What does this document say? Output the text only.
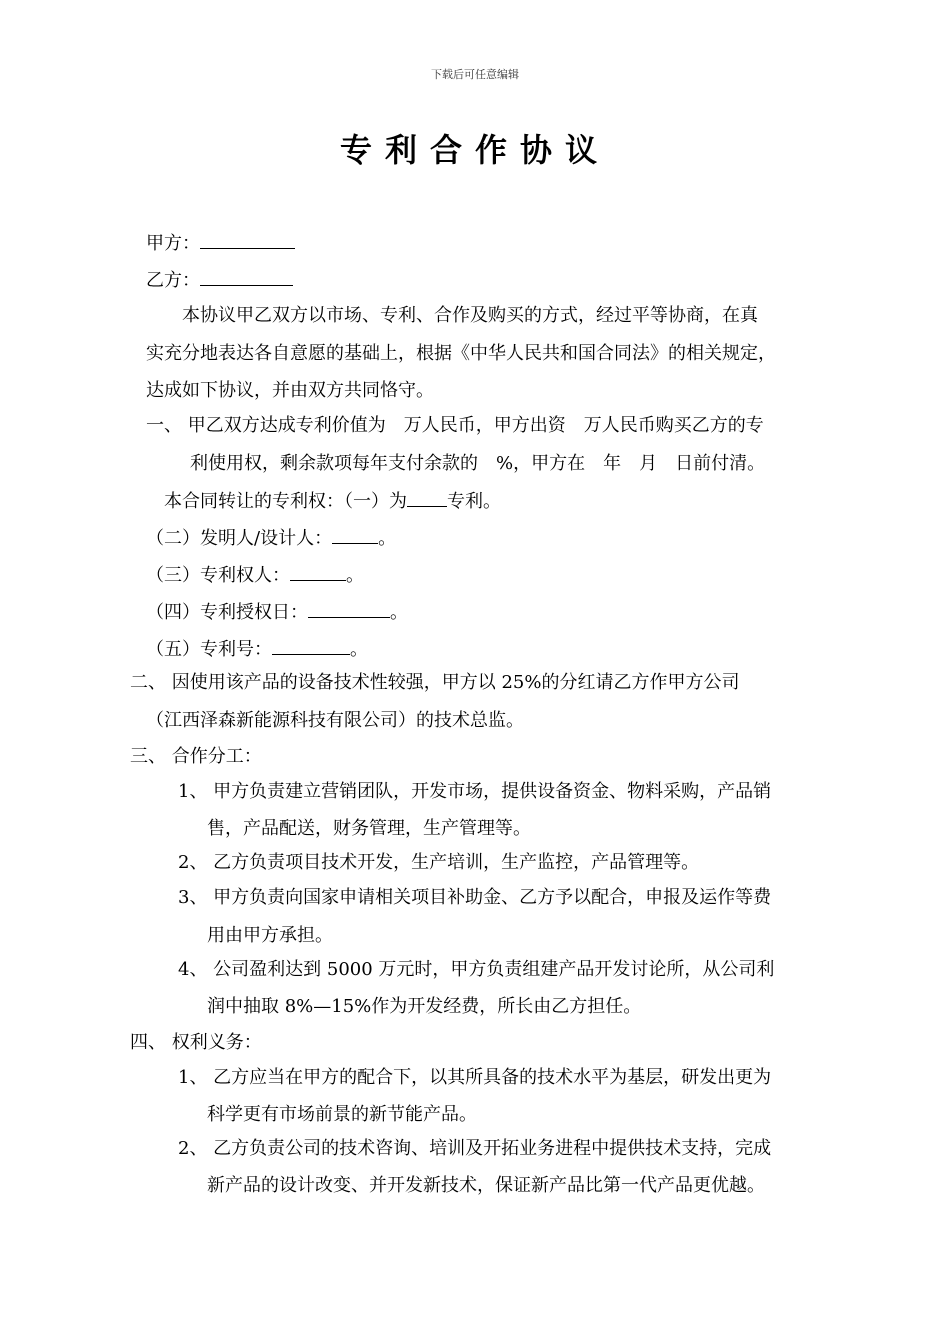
下载后可任意编辑
专利合作协议
甲方：
乙方：
本协议甲乙双方以市场、专利、合作及购买的方式，经过平等协商，在真
实充分地表达各自意愿的基础上，根据《中华人民共和国合同法》的相关规定，
达成如下协议，并由双方共同恪守。
一、 甲乙双方达成专利价值为　万人民币，甲方出资　万人民币购买乙方的专
利使用权，剩余款项每年支付余款的　%，甲方在　年　月　日前付清。
本合同转让的专利权：（一）为 专利。
（二）发明人/设计人：	。
（三）专利权人：	。
（四）专利授权日：	。
（五）专利号：	。
二、 因使用该产品的设备技术性较强，甲方以 25%的分红请乙方作甲方公司
（江西泽森新能源科技有限公司）的技术总监。
三、 合作分工：
1、 甲方负责建立营销团队，开发市场，提供设备资金、物料采购，产品销
售，产品配送，财务管理，生产管理等。
2、 乙方负责项目技术开发，生产培训，生产监控，产品管理等。
3、 甲方负责向国家申请相关项目补助金、乙方予以配合，申报及运作等费
用由甲方承担。
4、 公司盈利达到 5000 万元时，甲方负责组建产品开发讨论所，从公司利
润中抽取 8%—15%作为开发经费，所长由乙方担任。
四、 权利义务：
1、 乙方应当在甲方的配合下，以其所具备的技术水平为基层，研发出更为
科学更有市场前景的新节能产品。
2、 乙方负责公司的技术咨询、培训及开拓业务进程中提供技术支持，完成
新产品的设计改变、并开发新技术，保证新产品比第一代产品更优越。
